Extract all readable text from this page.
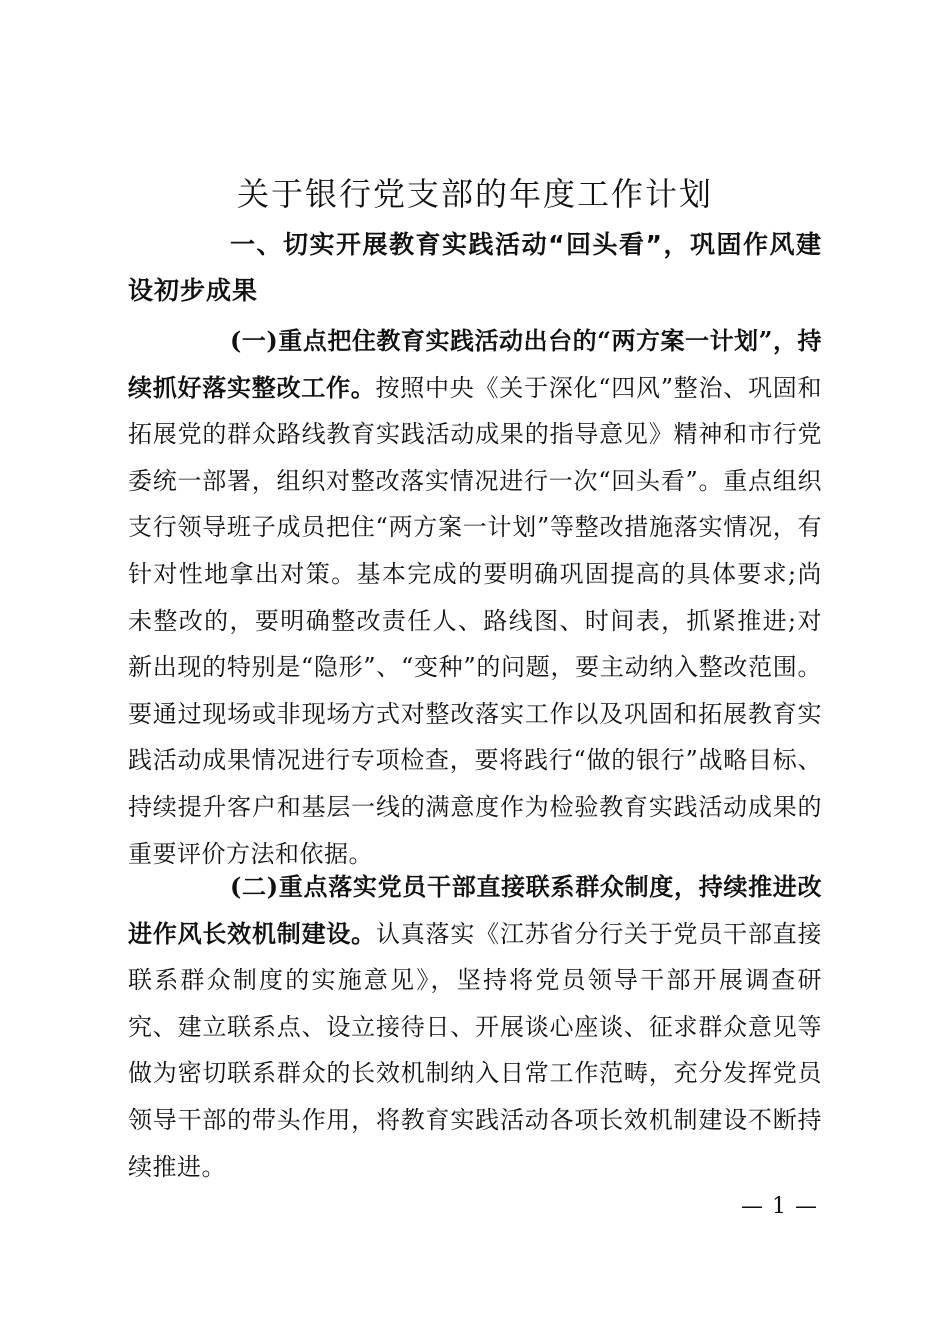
关于银行党支部的年度工作计划
一、切实开展教育实践活动“回头看”，巩固作风建设初步成果

(一)重点把住教育实践活动出台的“两方案一计划”，持续抓好落实整改工作。按照中央《关于深化“四风”整治、巩固和拓展党的群众路线教育实践活动成果的指导意见》精神和市行党委统一部署，组织对整改落实情况进行一次“回头看”。重点组织支行领导班子成员把住“两方案一计划”等整改措施落实情况，有针对性地拿出对策。基本完成的要明确巩固提高的具体要求;尚未整改的，要明确整改责任人、路线图、时间表，抓紧推进;对新出现的特别是“隐形”、“变种”的问题，要主动纳入整改范围。要通过现场或非现场方式对整改落实工作以及巩固和拓展教育实践活动成果情况进行专项检查，要将践行“做的银行”战略目标、持续提升客户和基层一线的满意度作为检验教育实践活动成果的重要评价方法和依据。

(二)重点落实党员干部直接联系群众制度，持续推进改进作风长效机制建设。认真落实《江苏省分行关于党员干部直接联系群众制度的实施意见》，坚持将党员领导干部开展调查研究、建立联系点、设立接待日、开展谈心座谈、征求群众意见等做为密切联系群众的长效机制纳入日常工作范畴，充分发挥党员领导干部的带头作用，将教育实践活动各项长效机制建设不断持续推进。

— 1 —
